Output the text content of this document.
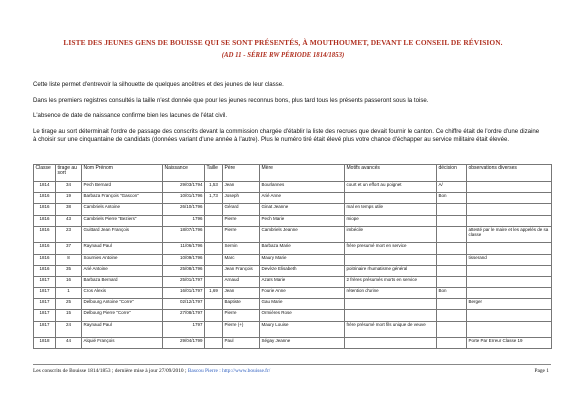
LISTE DES JEUNES GENS DE BOUISSE QUI SE SONT PRÉSENTÉS, À MOUTHOUMET, DEVANT LE CONSEIL DE RÉVISION.
(AD 11 - SÉRIE RW PÉRIODE 1814/1853)
Cette liste permet d'entrevoir la silhouette de quelques ancêtres et des jeunes de leur classe.
Dans les premiers registres consultés la taille n'est donnée que pour les jeunes reconnus bons, plus tard tous les présents passeront sous la toise.
L'absence de date de naissance confirme bien les lacunes de l'état civil.
Le tirage au sort déterminait l'ordre de passage des conscrits devant la commission chargée d'établir la liste des recrues que devait fournir le canton. Ce chiffre était de l'ordre d'une dizaine à choisir sur une cinquantaine de candidats (données variant d'une année à l'autre). Plus le numéro tiré était élevé plus votre chance d'échapper au service militaire était élevée.
Classe	tirage au sort	Nom Prénom	Naissance	Taille	Père	Mère	Motifs avancés	décision	observations diverses
1814	34	Pech Bernard	29/03/1794	1,53	Jean	Bourlannes	court et un effort au poignet	A/	
1816	19	Barbaza François "Gascon"	10/01/1796	1,73	Joseph	Arié Anne		Bon	
1816	38	Cambriels Antoine	26/10/1796		Gérard	Ginat Jeanne	mal en temps utile		
1816	43	Cambriels Pierre "Beziers"	1796		Pierre	Pech Marie	miope		
1816	23	Guittard Jean François	18/07/1796		Pierre	Cambriels Jeanne	imbécile		attesté par le maire et les appelés de sa classe
1816	37	Raynaud Paul	11/06/1796		Sernin	Barbaza Marie	frère presumé mort en service		
1816	8	Sournies Antoine	10/09/1796		Marc	Maury Marie			tisserand
1816	35	Arié Antoine	25/08/1796		Jean François	Devèze Elisabeth	poitrinaire rhumatisme général		
1817	16	Barbaza Bernard	25/01/1797		Arnaud	Azaïs Marie	2 frères présumés morts en service		
1817	1	Cros Alexis	16/01/1797	1,69	Jean	Fourie Anne	rétention d'urine	Bon	
1817	25	Delbourg Antoine "Corre"	02/12/1797		Baptiste	Gau Marie			Berger
1817	15	Delbourg Pierre "Corre"	27/08/1797		Pierre	Ormières Rose			
1817	24	Raynaud Paul	1797		Pierre (+)	Maury Louise	frère présumé mort fils unique de veuve		
1818	44	Alquié François	29/04/1799		Paul	Ségay Jeanne			Porte Par Erreur Classe 19
Les conscrits de Bouisse 1814/1853 ; dernière mise à jour 27/09/2010 ; Bascou Pierre : http://www.bouisse.fr/	Page 1
